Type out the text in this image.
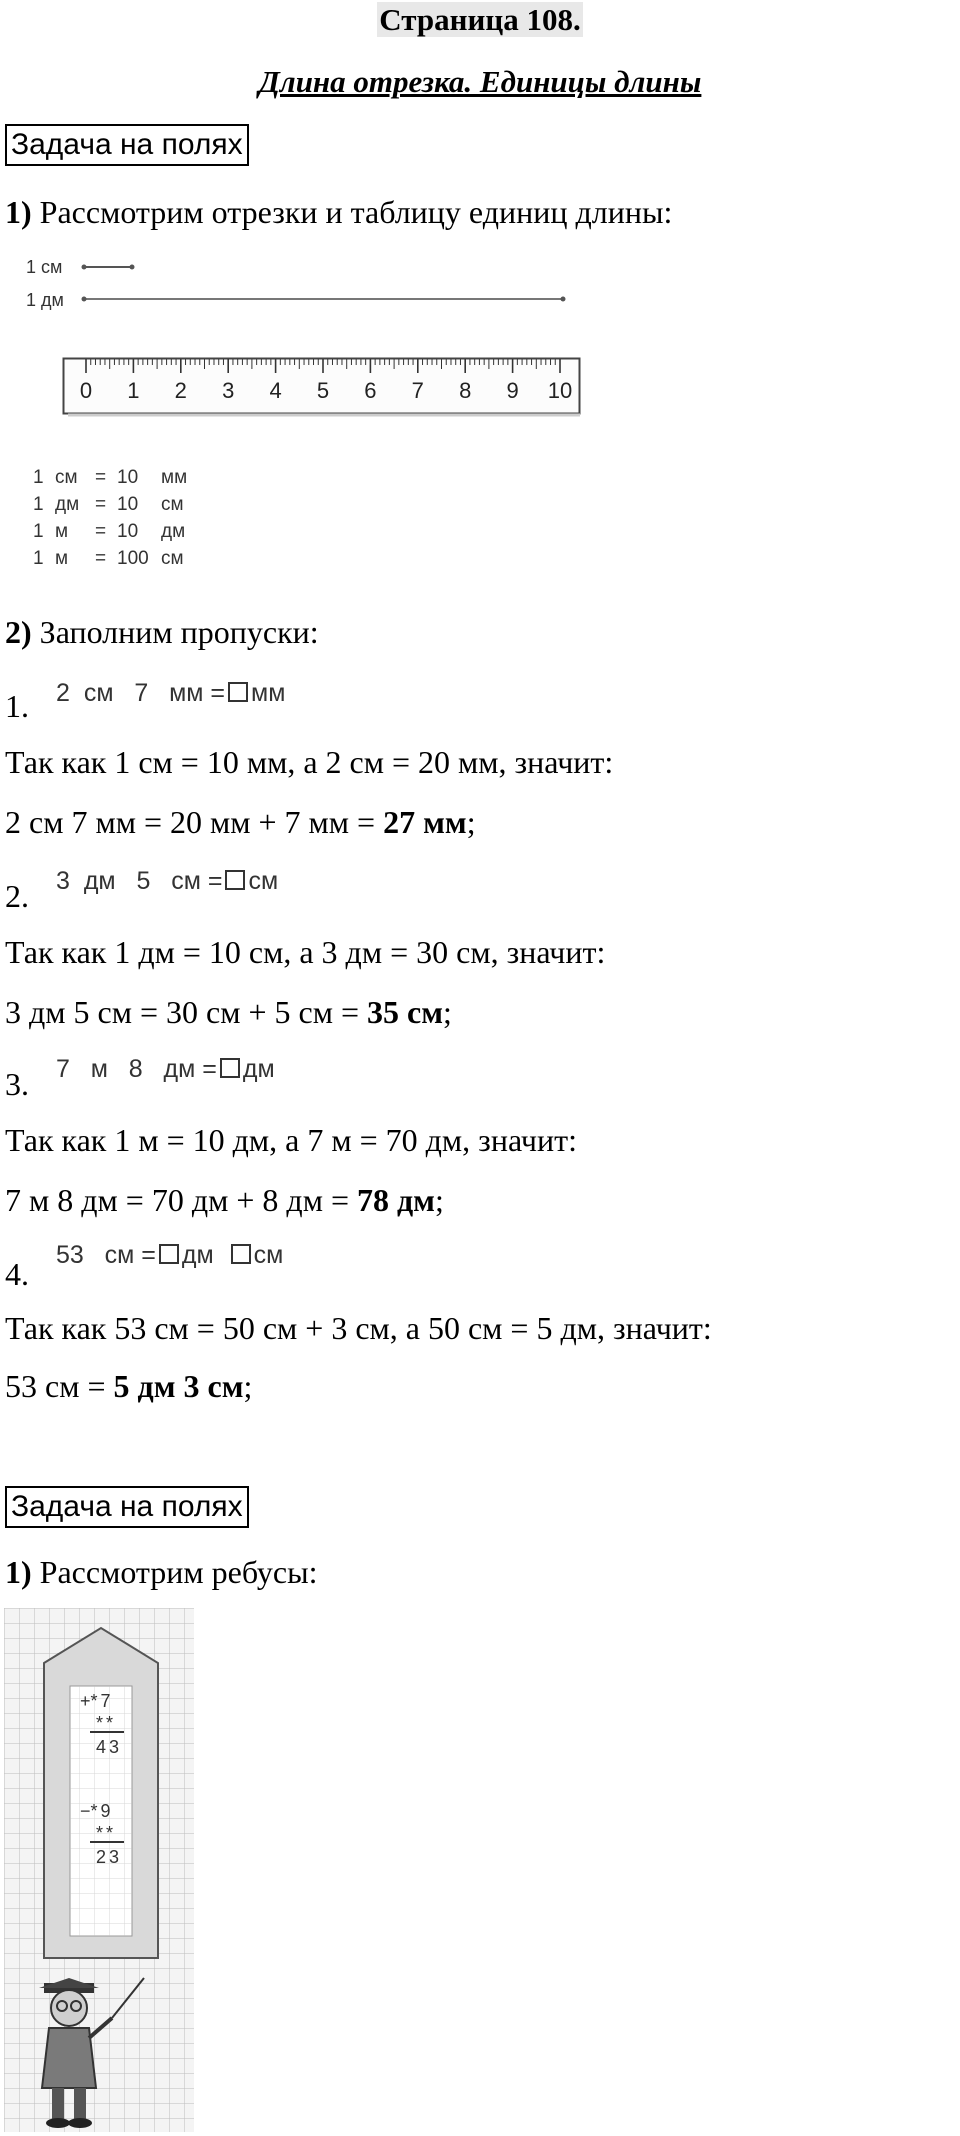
Страница 108.
Длина отрезка. Единицы длины
Задача на полях
1) Рассмотрим отрезки и таблицу единиц длины:
1 см
1 дм
0	1	2	3	4	5	6	7	8	9	10
1 см = 10 мм
1 дм = 10 см
1 м = 10 дм
1 м = 100 см
2) Заполним пропуски:
1. 2 см 7 мм = мм
Так как 1 см = 10 мм, а 2 см = 20 мм, значит:
2 см 7 мм = 20 мм + 7 мм = 27 мм;
2. 3 дм 5 см = см
Так как 1 дм = 10 см, а 3 дм = 30 см, значит:
3 дм 5 см = 30 см + 5 см = 35 см;
3. 7 м 8 дм = дм
Так как 1 м = 10 дм, а 7 м = 70 дм, значит:
7 м 8 дм = 70 дм + 8 дм = 78 дм;
4.
53 см = дм см
Так как 53 см = 50 см + 3 см, а 50 см = 5 дм, значит:
53 см = 5 дм 3 см;
Задача на полях
1) Рассмотрим ребусы:
+*7
**
43
−*9
**
23
